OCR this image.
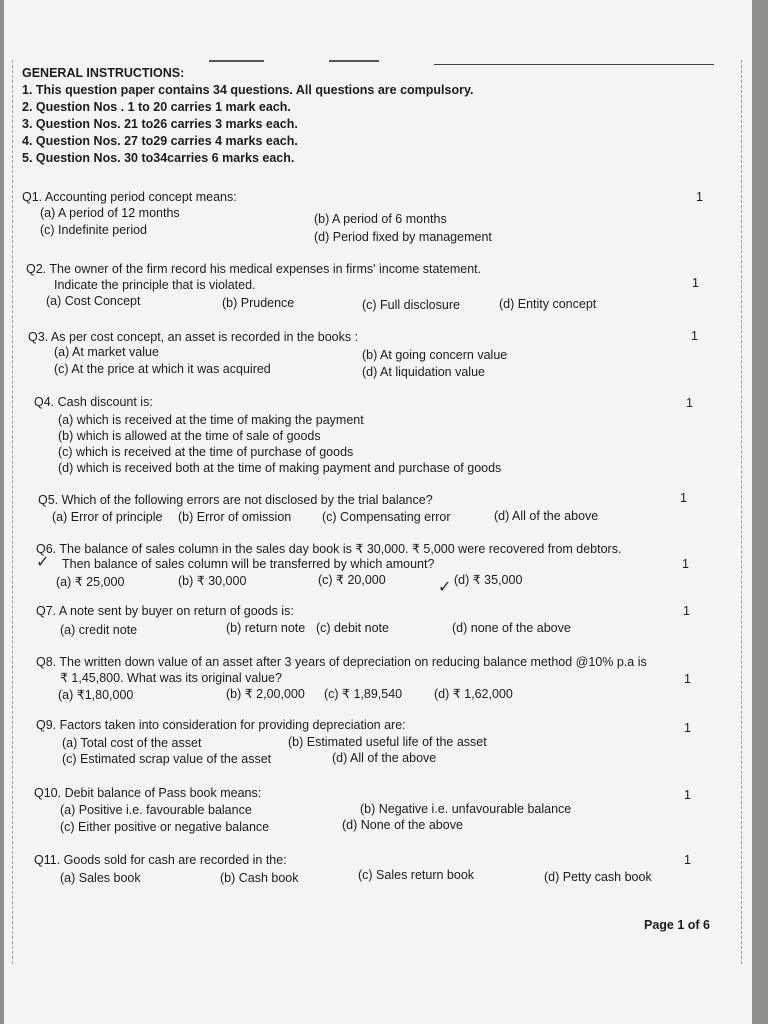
GENERAL INSTRUCTIONS:
1. This question paper contains 34 questions. All questions are compulsory.
2. Question Nos . 1 to 20 carries 1 mark each.
3. Question Nos. 21 to26 carries 3 marks each.
4. Question Nos. 27 to29 carries 4 marks each.
5. Question Nos. 30 to34carries 6 marks each.
Q1. Accounting period concept means:	1
(a) A period of 12 months	(b) A period of 6 months
(c) Indefinite period	(d) Period fixed by management
Q2. The owner of the firm record his medical expenses in firms' income statement.
Indicate the principle that is violated.	1
(a) Cost Concept	(b) Prudence	(c) Full disclosure	(d) Entity concept
Q3. As per cost concept, an asset is recorded in the books :	1
(a) At market value	(b) At going concern value
(c) At the price at which it was acquired	(d) At liquidation value
Q4. Cash discount is:	1
(a) which is received at the time of making the payment
(b) which is allowed at the time of sale of goods
(c) which is received at the time of purchase of goods
(d) which is received both at the time of making payment and purchase of goods
Q5. Which of the following errors are not disclosed by the trial balance?	1
(a) Error of principle (b) Error of omission (c) Compensating error	(d) All of the above
Q6. The balance of sales column in the sales day book is ₹ 30,000. ₹ 5,000 were recovered from debtors.
Then balance of sales column will be transferred by which amount?	1
(a) ₹ 25,000	(b) ₹ 30,000	(c) ₹ 20,000	(d) ₹ 35,000
✓
✓
Q7. A note sent by buyer on return of goods is:	1
(a) credit note	(b) return note (c) debit note	(d) none of the above
Q8. The written down value of an asset after 3 years of depreciation on reducing balance method @10% p.a is
₹ 1,45,800. What was its original value?	1
(a) ₹1,80,000	(b) ₹ 2,00,000 (c) ₹ 1,89,540	(d) ₹ 1,62,000
Q9. Factors taken into consideration for providing depreciation are:	1
(a) Total cost of the asset	(b) Estimated useful life of the asset
(c) Estimated scrap value of the asset	(d) All of the above
Q10. Debit balance of Pass book means:	1
(a) Positive i.e. favourable balance	(b) Negative i.e. unfavourable balance
(c) Either positive or negative balance	(d) None of the above
Q11. Goods sold for cash are recorded in the:	1
(a) Sales book	(b) Cash book	(c) Sales return book	(d) Petty cash book
Page 1 of 6
